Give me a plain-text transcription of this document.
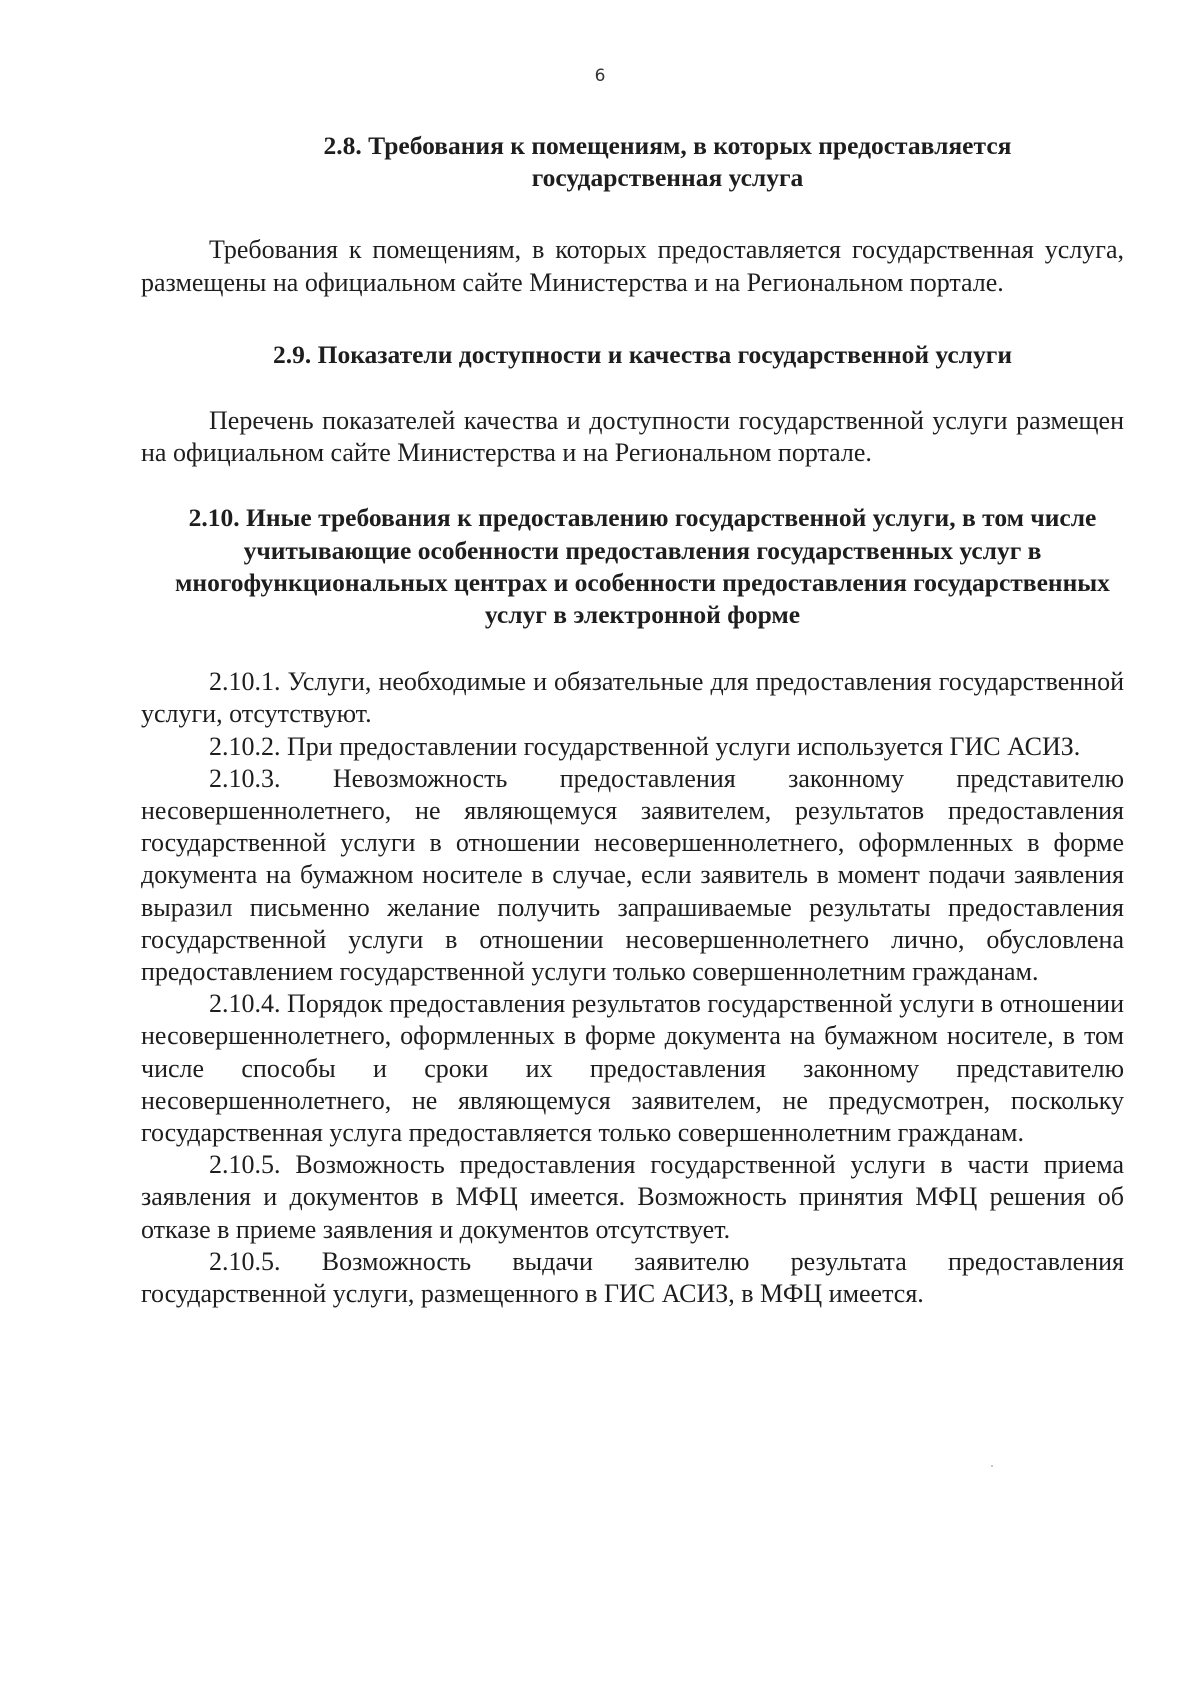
6

2.8. Требования к помещениям, в которых предоставляется государственная услуга

Требования к помещениям, в которых предоставляется государственная услуга, размещены на официальном сайте Министерства и на Региональном портале.

2.9. Показатели доступности и качества государственной услуги

Перечень показателей качества и доступности государственной услуги размещен на официальном сайте Министерства и на Региональном портале.

2.10. Иные требования к предоставлению государственной услуги, в том числе учитывающие особенности предоставления государственных услуг в многофункциональных центрах и особенности предоставления государственных услуг в электронной форме

2.10.1. Услуги, необходимые и обязательные для предоставления государственной услуги, отсутствуют.

2.10.2. При предоставлении государственной услуги используется ГИС АСИЗ.

2.10.3. Невозможность предоставления законному представителю несовершеннолетнего, не являющемуся заявителем, результатов предоставления государственной услуги в отношении несовершеннолетнего, оформленных в форме документа на бумажном носителе в случае, если заявитель в момент подачи заявления выразил письменно желание получить запрашиваемые результаты предоставления государственной услуги в отношении несовершеннолетнего лично, обусловлена предоставлением государственной услуги только совершеннолетним гражданам.

2.10.4. Порядок предоставления результатов государственной услуги в отношении несовершеннолетнего, оформленных в форме документа на бумажном носителе, в том числе способы и сроки их предоставления законному представителю несовершеннолетнего, не являющемуся заявителем, не предусмотрен, поскольку государственная услуга предоставляется только совершеннолетним гражданам.

2.10.5. Возможность предоставления государственной услуги в части приема заявления и документов в МФЦ имеется. Возможность принятия МФЦ решения об отказе в приеме заявления и документов отсутствует.

2.10.5. Возможность выдачи заявителю результата предоставления государственной услуги, размещенного в ГИС АСИЗ, в МФЦ имеется.
